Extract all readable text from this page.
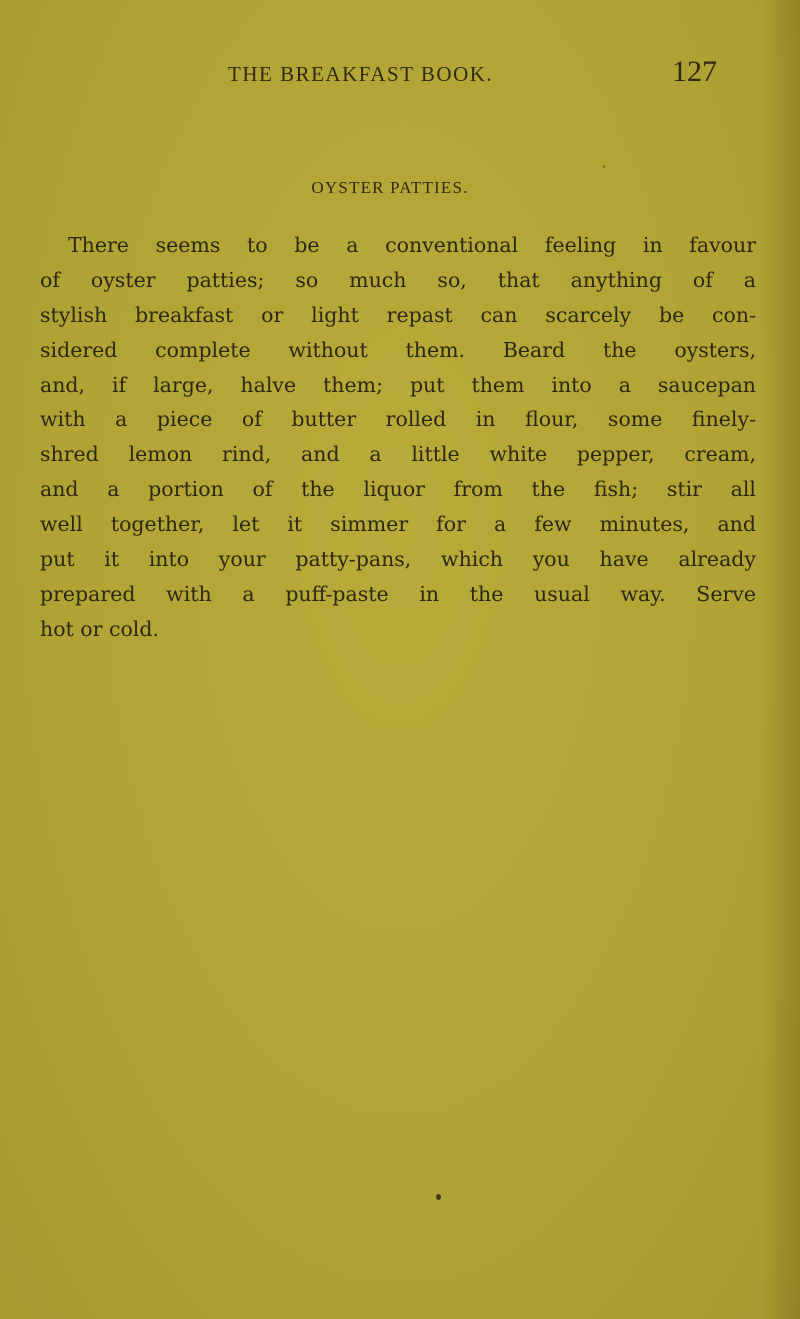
THE BREAKFAST BOOK.	127
OYSTER PATTIES.
There seems to be a conventional feeling in favour
of oyster patties; so much so, that anything of a
stylish breakfast or light repast can scarcely be con-
sidered complete without them. Beard the oysters,
and, if large, halve them; put them into a saucepan
with a piece of butter rolled in flour, some finely-
shred lemon rind, and a little white pepper, cream,
and a portion of the liquor from the fish; stir all
well together, let it simmer for a few minutes, and
put it into your patty-pans, which you have already
prepared with a puff-paste in the usual way. Serve
hot or cold.
